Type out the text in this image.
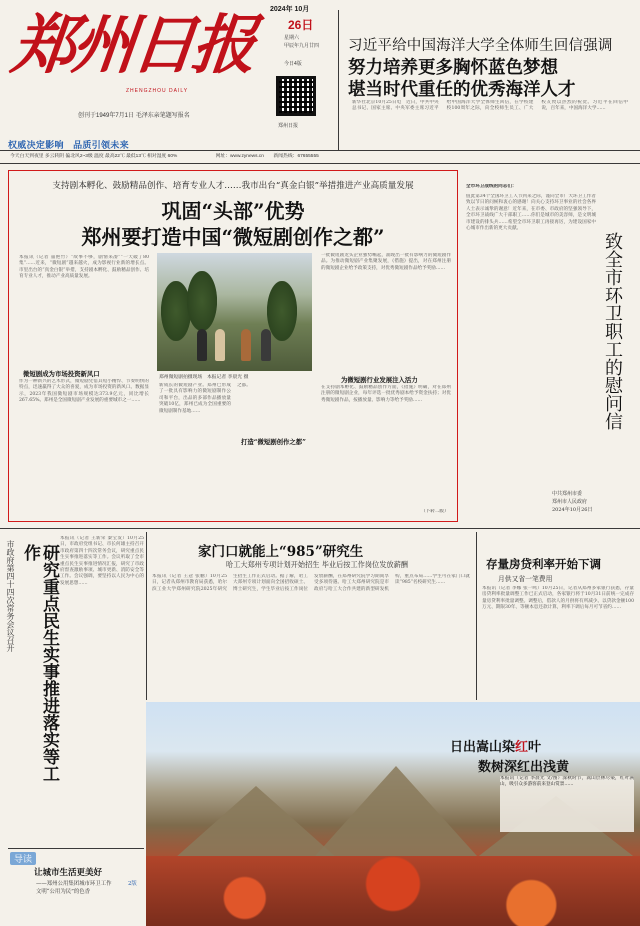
郑州日报
ZHENGZHOU DAILY
创刊于1949年7月1日 毛泽东亲笔题写报名
权威决定影响　品质引领未来
2024年 10月
26日
星期六
甲辰年九月廿四
今日4版
郑州日报
习近平给中国海洋大学全体师生回信强调
努力培养更多胸怀蓝色梦想
堪当时代重任的优秀海洋人才

新华社北京10月25日电　近日，中共中央总书记、国家主席、中央军委主席习近平给中国海洋大学全体师生回信，在学校建校100周年之际，向全校师生员工、广大校友致以热烈的祝贺。习近平在回信中说，百年来，中国海洋大学……

今天白天到夜里 多云转阴 偏北风2~3级 温度 最高22℃ 最低13℃ 相对湿度 60%　　　　　　　　网址：www.zynews.cn　　新闻热线：67655555
支持剧本孵化、鼓励精品创作、培育专业人才……我市出台“真金白银”举措推进产业高质量发展
巩固“头部”优势
郑州要打造中国“微短剧创作之都”

本报讯（记者 董艳竹）“故事不够，剧情来凑”“一天破了80集”……近来，“微短剧”越来越火，成为影视行业新的增长点。市里出台的“真金白银”举措，支持剧本孵化、鼓励精品创作、培育专业人才，推动产业高质量发展。

微短剧成为市场投资新风口

作为一种新兴的艺术形式，微短剧凭借其短小精悍、节奏明快的特点，迅速赢得了大众的喜爱，成为市场投资的新风口。数据显示，2023年我国微短剧市场规模达373.9亿元，同比增长267.65%。郑州是全国微短剧产业发展的重要城市之一……

郑州微短剧拍摄现场　本报记者 李晨光 摄

新成长的微短剧产业。郑州已形成了一批具有影响力的微短剧制作公司和平台，出品的多部作品播放量突破10亿，郑州已成为全国重要的微短剧制作基地……

打造“微短剧创作之都”

之都。

一批微短剧龙头企业强势崛起，涌现出一批有影响力的微短剧作品。为推动微短剧产业集聚发展，《措施》提出，对在郑州注册的微短剧企业给予政策支持，对优秀微短剧作品给予奖励……

为微短剧行业发展注入活力

在支持剧本孵化、鼓励精品创作方面，《措施》明确，对在郑州注册的微短剧企业，每年评选一批优秀剧本给予资金扶持；对优秀微短剧作品，按播放量、影响力等给予奖励……

（下转二版）
全市环卫战线的同志们：

值此第34个全国环卫工人节到来之际，谨向全市广大环卫工作者致以节日的问候和衷心的感谢！向关心支持环卫事业的社会各界人士表示诚挚的谢意！近年来，在市委、市政府的坚强领导下，全市环卫战线广大干部职工……你们是城市的美容师，是文明城市建设的排头兵……希望全市环卫职工再接再厉，为建设国家中心城市作出新的更大贡献。

致全市环卫职工的慰问信
中共郑州市委
郑州市人民政府
2024年10月26日
市政府第四十四次常务会议召开	研究重点民生实事推进落实等工作

本报讯（记者 王新荣 秦宝发）10月25日，市政府党组书记、市长何雄主持召开市政府第四十四次常务会议，研究重点民生实事推进落实等工作。会议听取了全市重点民生实事推进情况汇报，研究了市政府督查激励事项、城市更新、消防安全等工作。会议强调，要坚持以人民为中心的发展思想……

家门口就能上“985”研究生
哈工大郑州专项计划开始招生 毕业后按工作岗位发放薪酬

本报讯（记者 王冠 张鹏）10月25日，记者从郑州市教育局获悉，哈尔滨工业大学郑州研究院2025年研究生招生工作正式启动。据了解，哈工大郑州专项计划面向全国招收硕士、博士研究生，学生毕业后按工作岗位发放薪酬，在郑州研究院学习期间享受多项待遇。哈工大郑州研究院是市政府与哈工大合作共建的新型研发机构，重点布局……学生可在家门口就读“985”名校研究生……

存量房贷利率开始下调
月供又省一笔费用

本报讯（记者 李娜 张一鸣）10月25日，记者从郑州多家银行获悉，存量房贷利率批量调整工作已正式启动，各家银行将于10月31日前统一完成存量房贷利率批量调整。调整后，借款人的月供将有所减少。以贷款金额100万元、期限30年、等额本息还款计算，利率下调后每月可节省约……

日出嵩山染红叶
数树深红出浅黄

本报讯（记者 李晨光 文/图）深秋时节，嵩山层林尽染，红叶满山，吸引众多游客前来登山赏景……

导读
让城市生活更美好
——郑州公用集团城市环卫工作
文明“公用为民”的色香
2版
